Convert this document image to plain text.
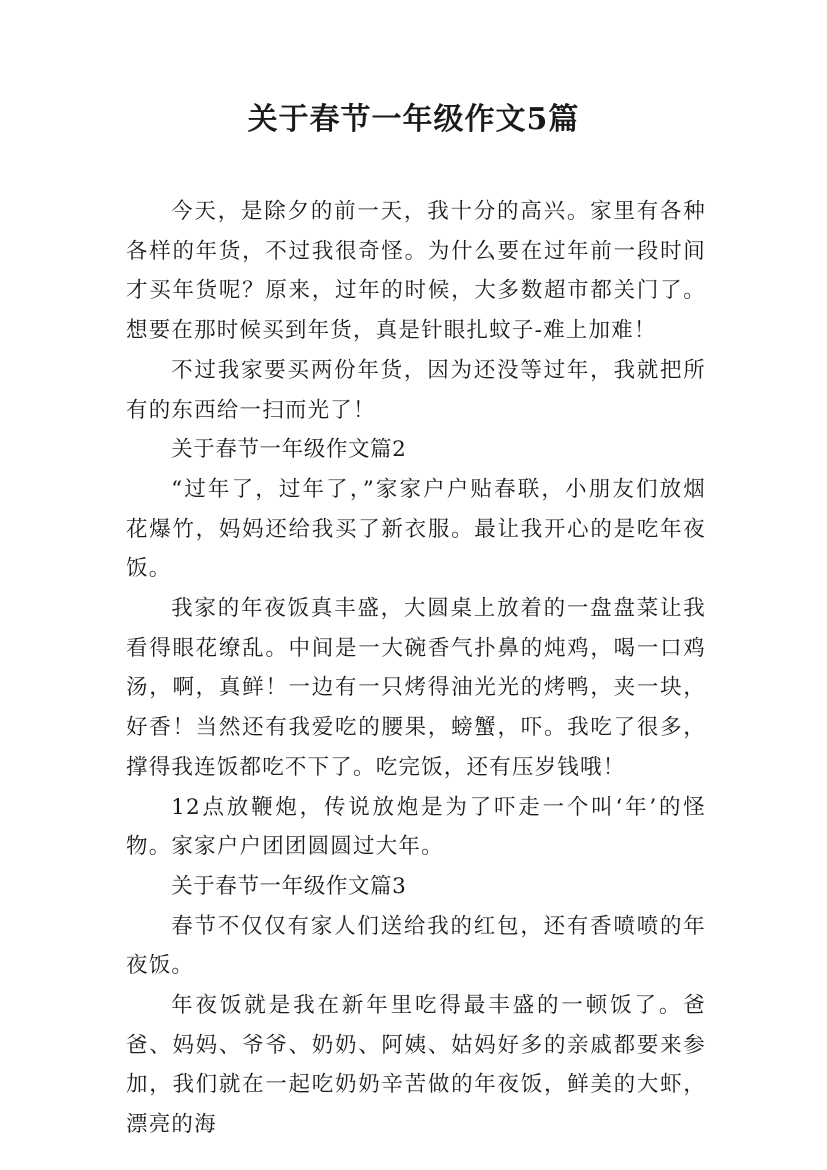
关于春节一年级作文5篇

今天，是除夕的前一天，我十分的高兴。家里有各种各样的年货，不过我很奇怪。为什么要在过年前一段时间才买年货呢？原来，过年的时候，大多数超市都关门了。想要在那时候买到年货，真是针眼扎蚊子-难上加难！

不过我家要买两份年货，因为还没等过年，我就把所有的东西给一扫而光了！

关于春节一年级作文篇2

“过年了，过年了，”家家户户贴春联，小朋友们放烟花爆竹，妈妈还给我买了新衣服。最让我开心的是吃年夜饭。

我家的年夜饭真丰盛，大圆桌上放着的一盘盘菜让我看得眼花缭乱。中间是一大碗香气扑鼻的炖鸡，喝一口鸡汤，啊，真鲜！一边有一只烤得油光光的烤鸭，夹一块，好香！当然还有我爱吃的腰果，螃蟹，吓。我吃了很多，撑得我连饭都吃不下了。吃完饭，还有压岁钱哦！

12点放鞭炮，传说放炮是为了吓走一个叫‘年’的怪物。家家户户团团圆圆过大年。

关于春节一年级作文篇3

春节不仅仅有家人们送给我的红包，还有香喷喷的年夜饭。

年夜饭就是我在新年里吃得最丰盛的一顿饭了。爸爸、妈妈、爷爷、奶奶、阿姨、姑妈好多的亲戚都要来参加，我们就在一起吃奶奶辛苦做的年夜饭，鲜美的大虾，漂亮的海
